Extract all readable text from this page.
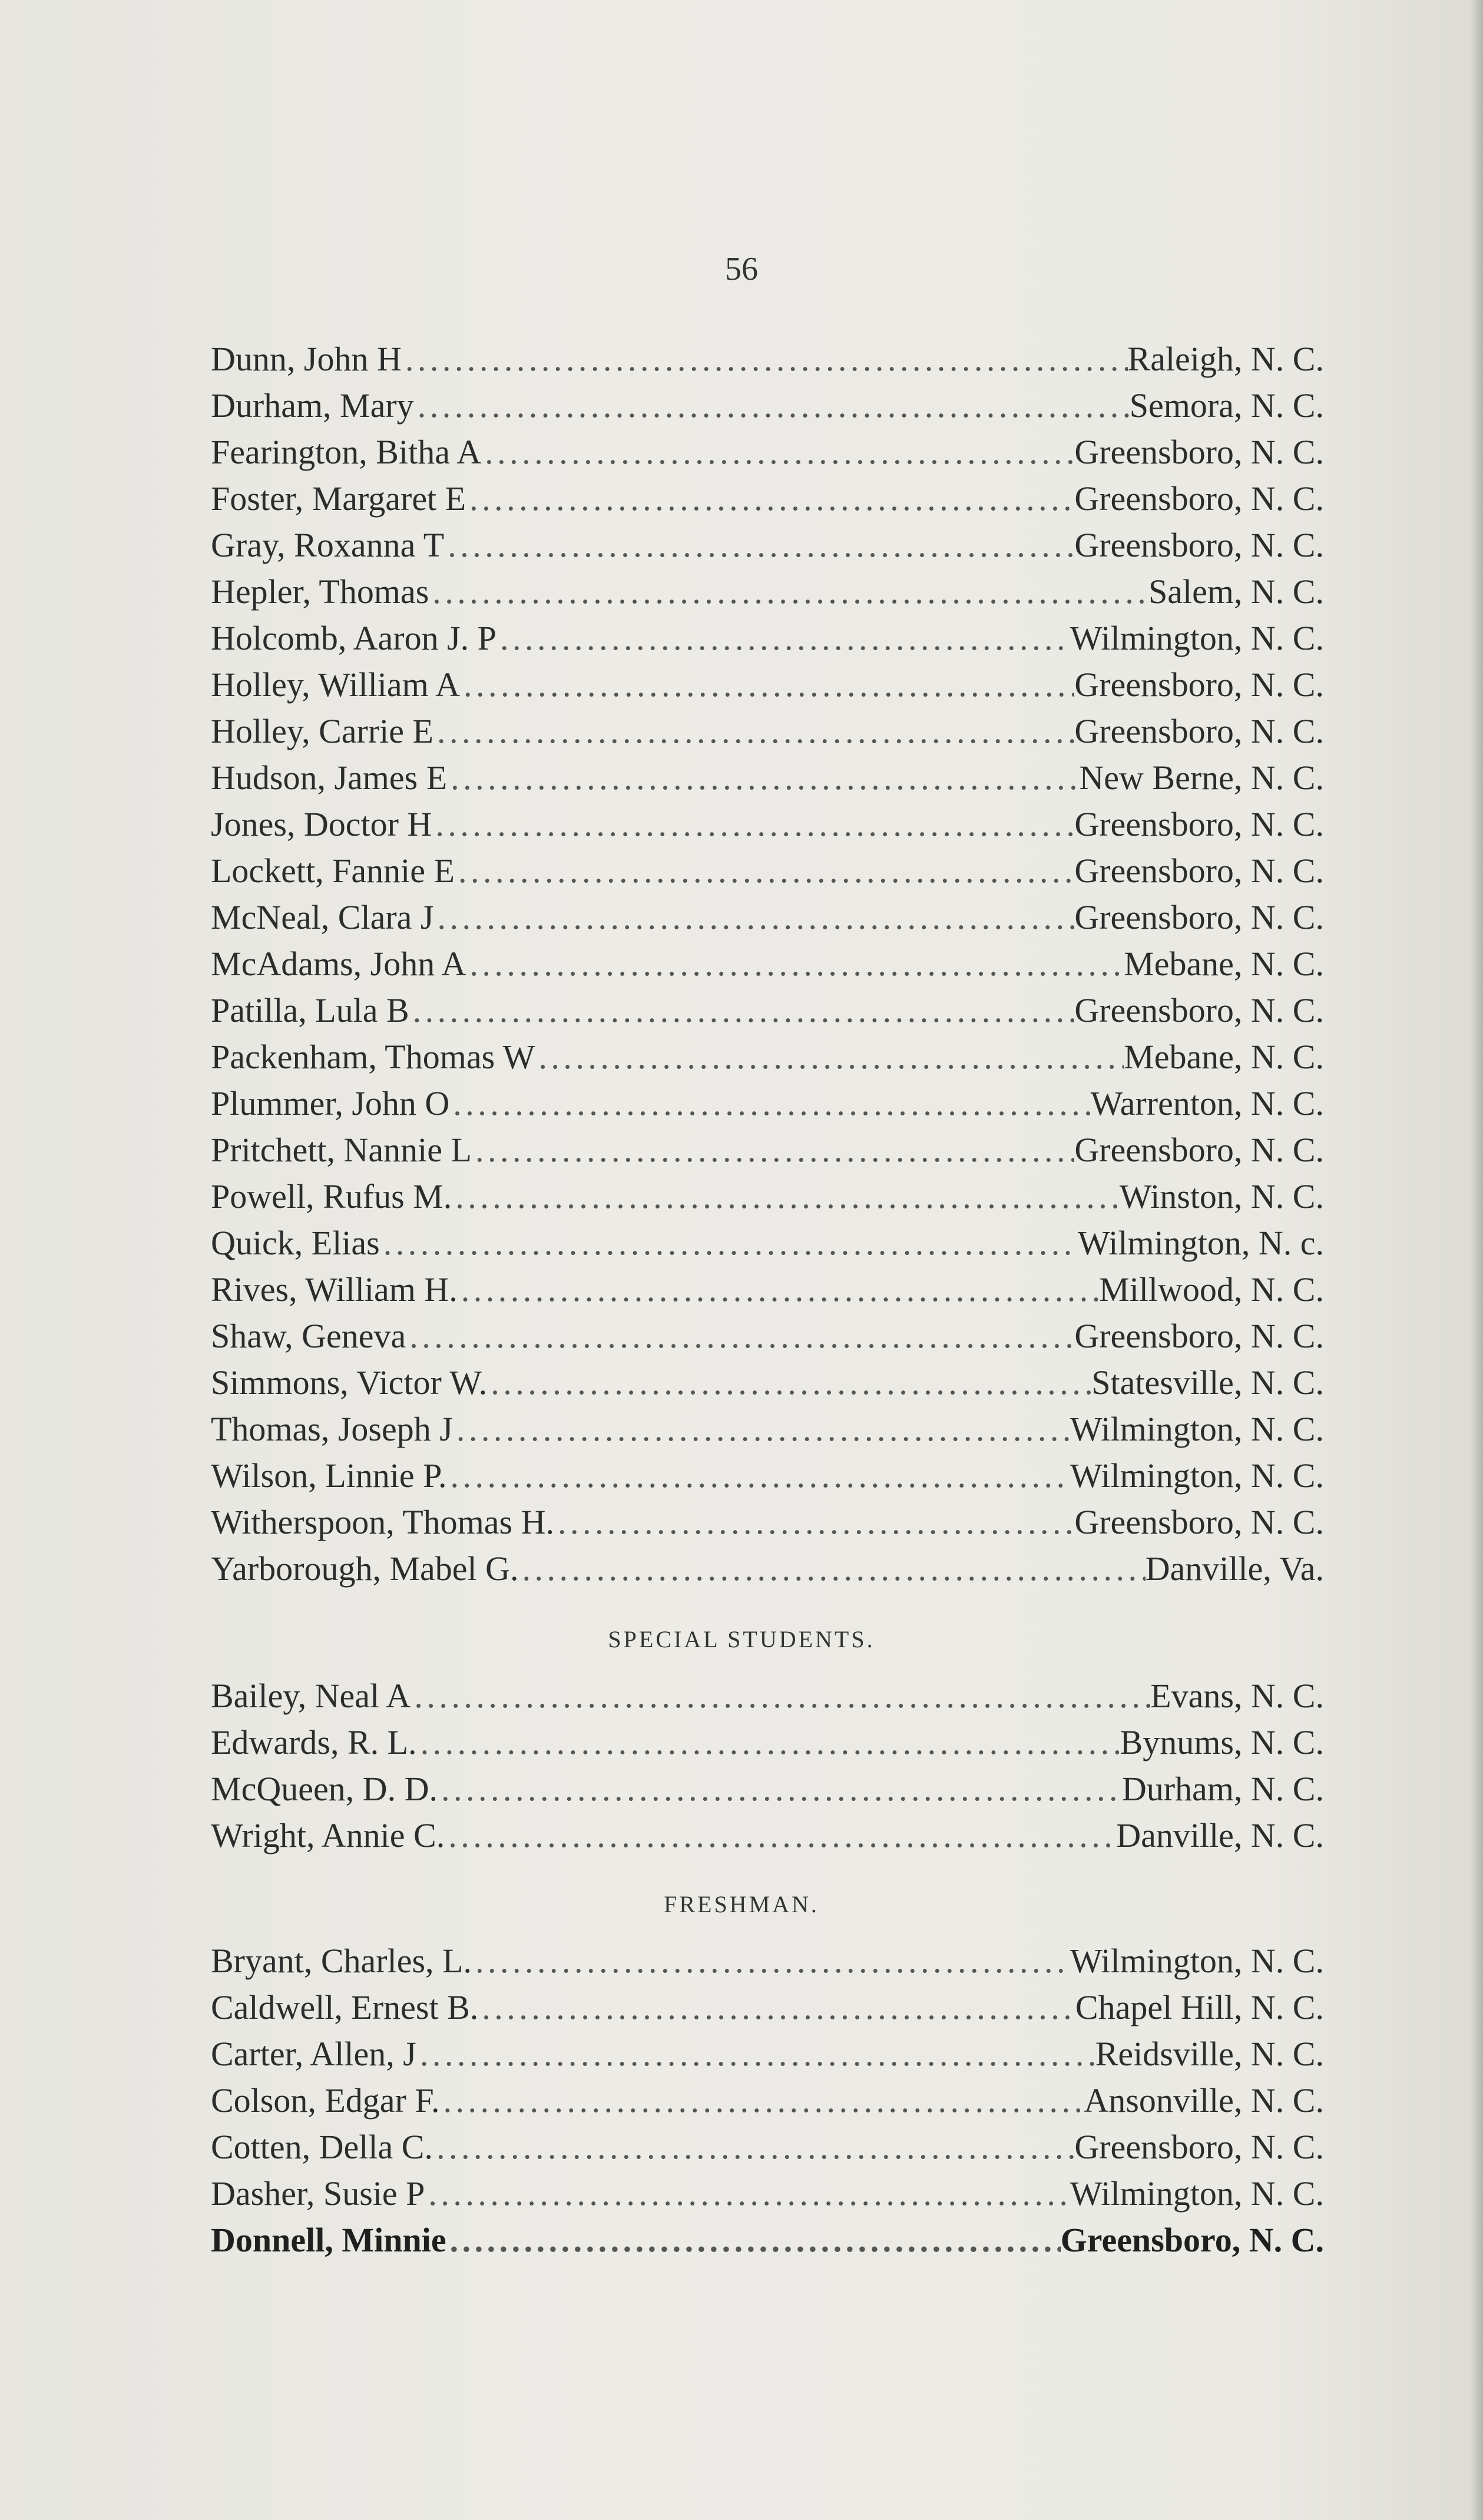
56
Dunn, John H . . .	Raleigh, N. C.
Durham, Mary . . .	Semora, N. C.
Fearington, Bitha A . . .	Greensboro, N. C.
Foster, Margaret E . . .	Greensboro, N. C.
Gray, Roxanna T . . .	Greensboro, N. C.
Hepler, Thomas . . .	Salem, N. C.
Holcomb, Aaron J. P . . .	Wilmington, N. C.
Holley, William A . . .	Greensboro, N. C.
Holley, Carrie E . . .	Greensboro, N. C.
Hudson, James E . . .	New Berne, N. C.
Jones, Doctor H . . .	Greensboro, N. C.
Lockett, Fannie E . . .	Greensboro, N. C.
McNeal, Clara J . . .	Greensboro, N. C.
McAdams, John A . . .	Mebane, N. C.
Patilla, Lula B . . .	Greensboro, N. C.
Packenham, Thomas W . . .	Mebane, N. C.
Plummer, John O . . .	Warrenton, N. C.
Pritchett, Nannie L . . .	Greensboro, N. C.
Powell, Rufus M. . . .	Winston, N. C.
Quick, Elias . . .	Wilmington, N. c.
Rives, William H. . . .	Millwood, N. C.
Shaw, Geneva . . .	Greensboro, N. C.
Simmons, Victor W. . . .	Statesville, N. C.
Thomas, Joseph J . . .	Wilmington, N. C.
Wilson, Linnie P. . . .	Wilmington, N. C.
Witherspoon, Thomas H. . . .	Greensboro, N. C.
Yarborough, Mabel G. . . .	Danville, Va.
SPECIAL STUDENTS.
Bailey, Neal A . . .	Evans, N. C.
Edwards, R. L. . . .	Bynums, N. C.
McQueen, D. D. . . .	Durham, N. C.
Wright, Annie C. . . .	Danville, N. C.
FRESHMAN.
Bryant, Charles, L. . . .	Wilmington, N. C.
Caldwell, Ernest B. . . .	Chapel Hill, N. C.
Carter, Allen, J . . .	Reidsville, N. C.
Colson, Edgar F. . . .	Ansonville, N. C.
Cotten, Della C. . . .	Greensboro, N. C.
Dasher, Susie P . . .	Wilmington, N. C.
Donnell, Minnie . . .	Greensboro, N. C.
